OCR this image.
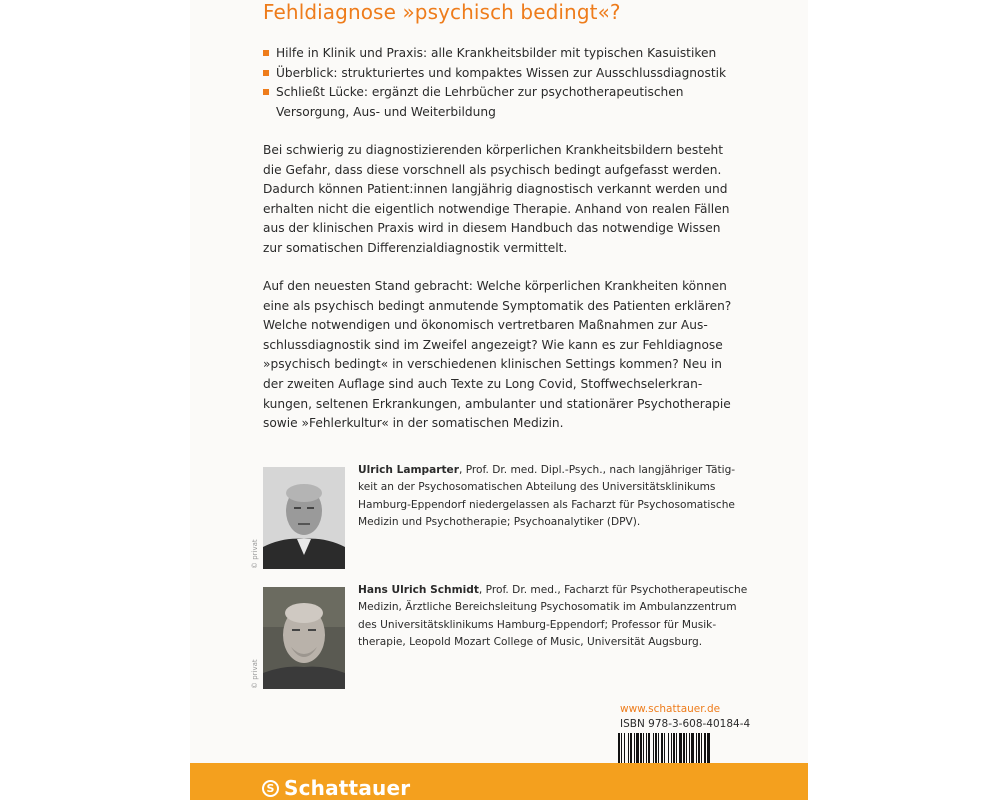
Fehldiagnose »psychisch bedingt«?
Hilfe in Klinik und Praxis: alle Krankheitsbilder mit typischen Kasuistiken
Überblick: strukturiertes und kompaktes Wissen zur Ausschlussdiagnostik
Schließt Lücke: ergänzt die Lehrbücher zur psychotherapeutischen Versorgung, Aus- und Weiterbildung

Bei schwierig zu diagnostizierenden körperlichen Krankheitsbildern besteht die Gefahr, dass diese vorschnell als psychisch bedingt aufgefasst werden. Dadurch können Patient:innen langjährig diagnostisch verkannt werden und erhalten nicht die eigentlich notwendige Therapie. Anhand von realen Fällen aus der klinischen Praxis wird in diesem Handbuch das notwendige Wissen zur somatischen Differenzialdiagnostik vermittelt.

Auf den neuesten Stand gebracht: Welche körperlichen Krankheiten können eine als psychisch bedingt anmutende Symptomatik des Patienten erklären? Welche notwendigen und ökonomisch vertretbaren Maßnahmen zur Aus-schlussdiagnostik sind im Zweifel angezeigt? Wie kann es zur Fehldiagnose »psychisch bedingt« in verschiedenen klinischen Settings kommen? Neu in der zweiten Auflage sind auch Texte zu Long Covid, Stoffwechselerkran-kungen, seltenen Erkrankungen, ambulanter und stationärer Psychotherapie sowie »Fehlerkultur« in der somatischen Medizin.

© privat

Ulrich Lamparter, Prof. Dr. med. Dipl.-Psych., nach langjähriger Tätig-keit an der Psychosomatischen Abteilung des Universitätsklinikums Hamburg-Eppendorf niedergelassen als Facharzt für Psychosomatische Medizin und Psychotherapie; Psychoanalytiker (DPV).

© privat

Hans Ulrich Schmidt, Prof. Dr. med., Facharzt für Psychotherapeutische Medizin, Ärztliche Bereichsleitung Psychosomatik im Ambulanzzentrum des Universitätsklinikums Hamburg-Eppendorf; Professor für Musik-therapie, Leopold Mozart College of Music, Universität Augsburg.

www.schattauer.de
ISBN 978-3-608-40184-4
S Schattauer
